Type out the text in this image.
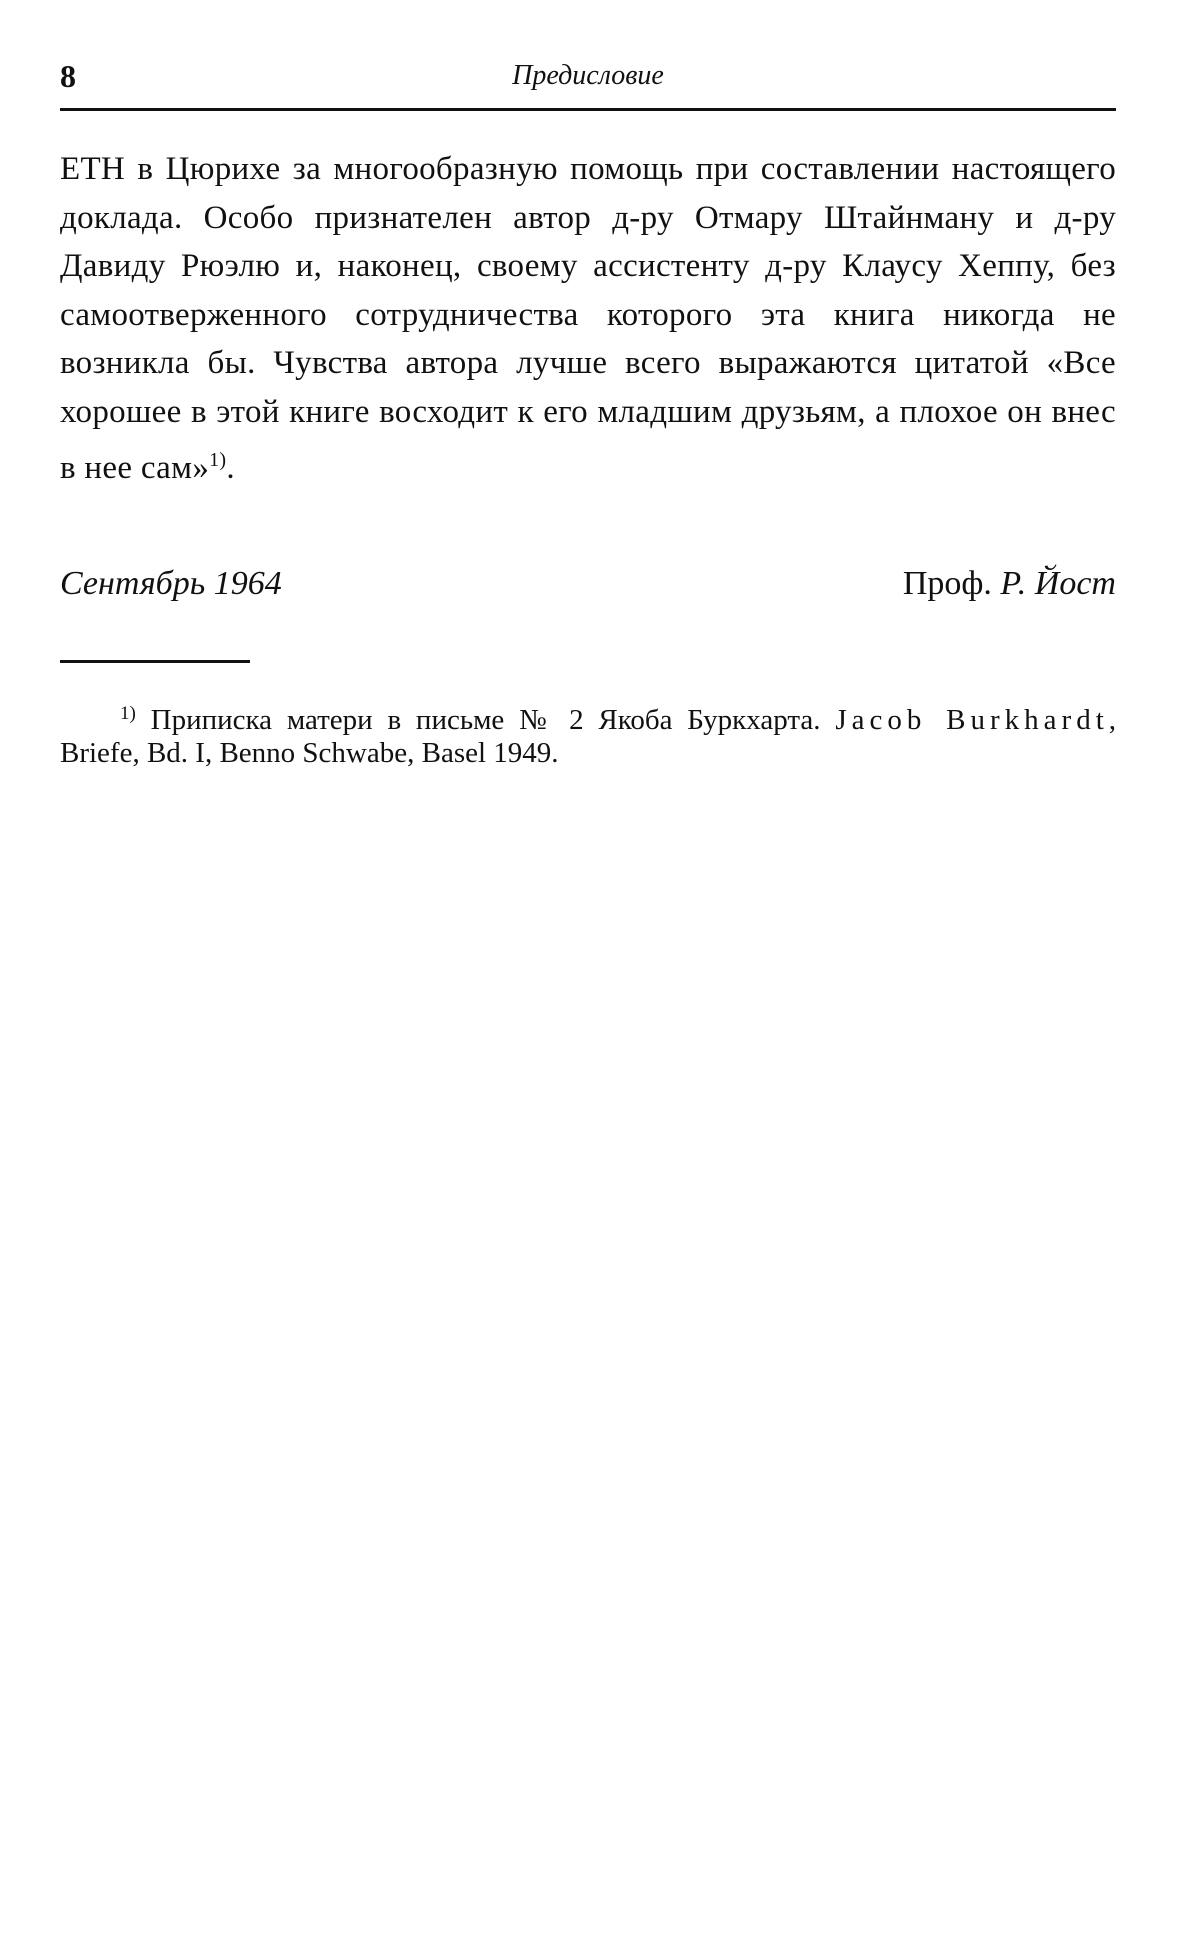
8	Предисловие

ЕТН в Цюрихе за многообразную помощь при составлении настоящего доклада. Особо признателен автор д-ру Отмару Штайнману и д-ру Давиду Рюэлю и, наконец, своему ассистенту д-ру Клаусу Хеппу, без самоотверженного сотрудничества которого эта книга никогда не возникла бы. Чувства автора лучше всего выражаются цитатой «Все хорошее в этой книге восходит к его младшим друзьям, а плохое он внес в нее сам»$^{1)}$.

Сентябрь 1964	Проф. Р. Йост

$^{1)}$ Приписка матери в письме № 2 Якоба Буркхарта. Jacob Burkhardt, Briefe, Bd. I, Benno Schwabe, Basel 1949.
